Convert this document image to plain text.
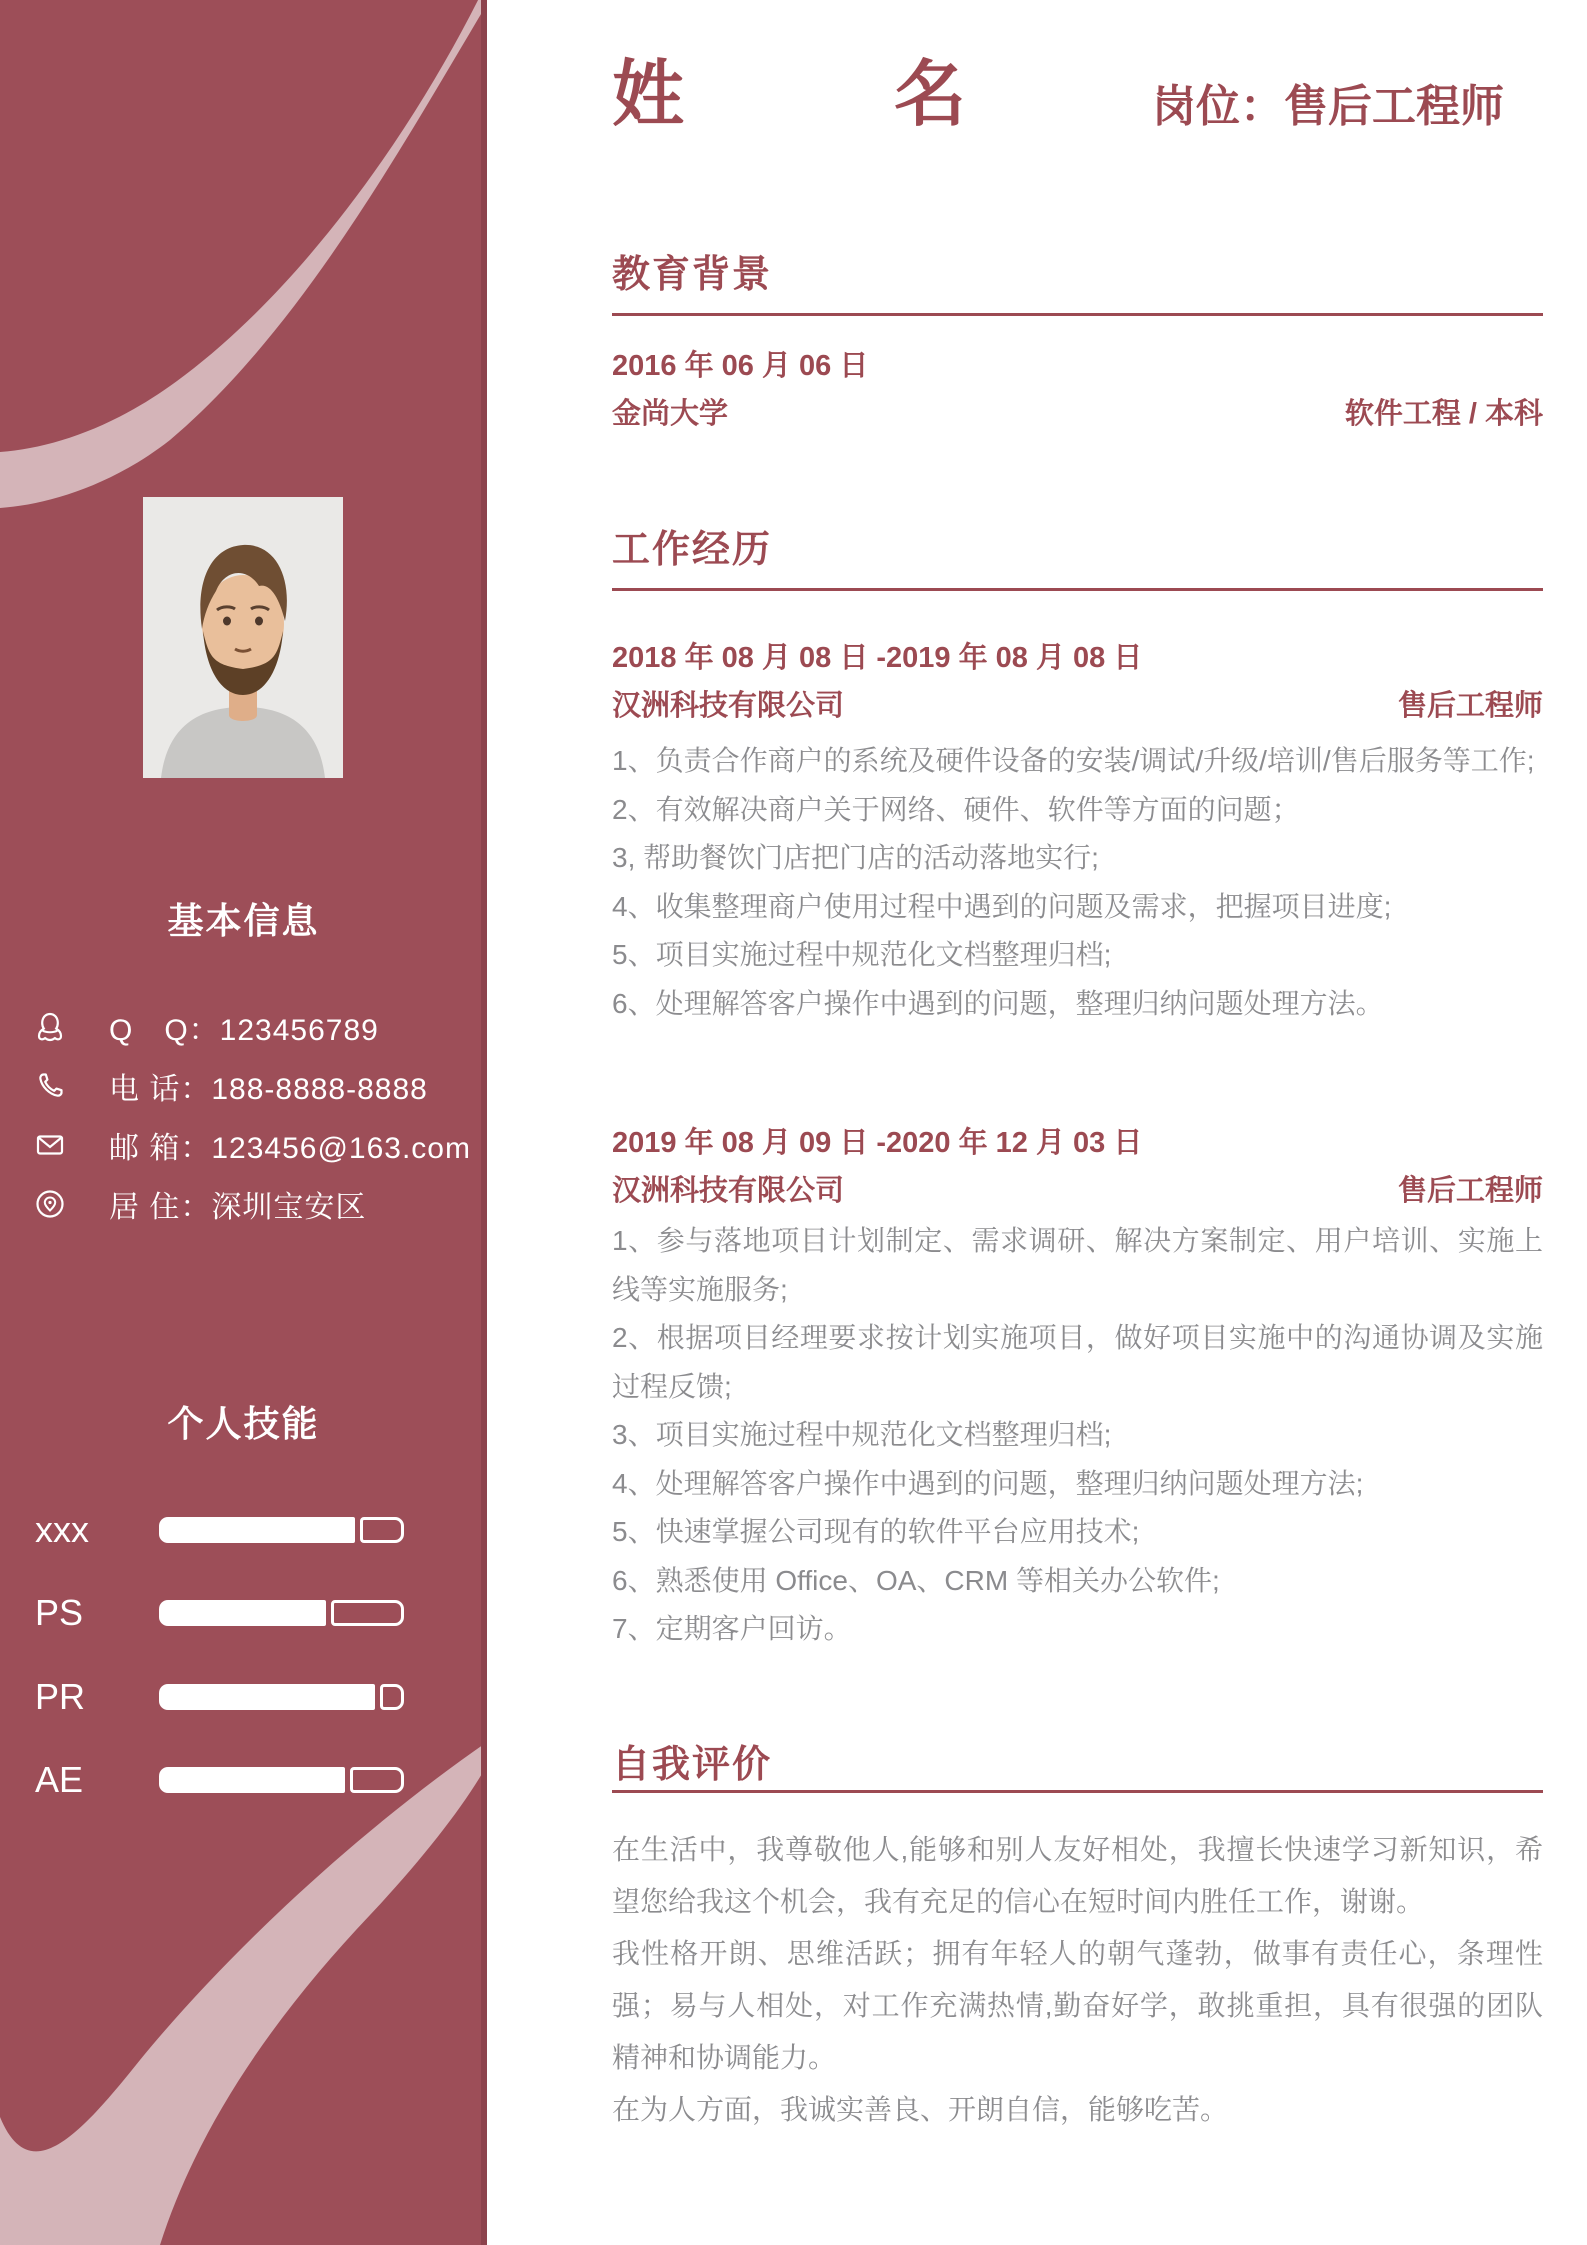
基本信息
Q　Q：123456789
电 话：188-8888-8888
邮 箱：123456@163.com
居 住：深圳宝安区
个人技能
xxx
PS
PR
AE
姓 名	岗位：售后工程师
教育背景
2016 年 06 月 06 日
金尚大学	软件工程 / 本科
工作经历
2018 年 08 月 08 日 -2019 年 08 月 08 日
汉洲科技有限公司	售后工程师
1、负责合作商户的系统及硬件设备的安装/调试/升级/培训/售后服务等工作;
2、有效解决商户关于网络、硬件、软件等方面的问题；
3, 帮助餐饮门店把门店的活动落地实行;
4、收集整理商户使用过程中遇到的问题及需求，把握项目进度;
5、项目实施过程中规范化文档整理归档;
6、处理解答客户操作中遇到的问题，整理归纳问题处理方法。
2019 年 08 月 09 日 -2020 年 12 月 03 日
汉洲科技有限公司	售后工程师
1、参与落地项目计划制定、需求调研、解决方案制定、用户培训、实施上线等实施服务;
2、根据项目经理要求按计划实施项目，做好项目实施中的沟通协调及实施过程反馈;
3、项目实施过程中规范化文档整理归档;
4、处理解答客户操作中遇到的问题，整理归纳问题处理方法;
5、快速掌握公司现有的软件平台应用技术;
6、熟悉使用 Office、OA、CRM 等相关办公软件;
7、定期客户回访。
自我评价

在生活中，我尊敬他人,能够和别人友好相处，我擅长快速学习新知识，希望您给我这个机会，我有充足的信心在短时间内胜任工作，谢谢。

我性格开朗、思维活跃；拥有年轻人的朝气蓬勃，做事有责任心，条理性强；易与人相处，对工作充满热情,勤奋好学，敢挑重担，具有很强的团队精神和协调能力。

在为人方面，我诚实善良、开朗自信，能够吃苦。
